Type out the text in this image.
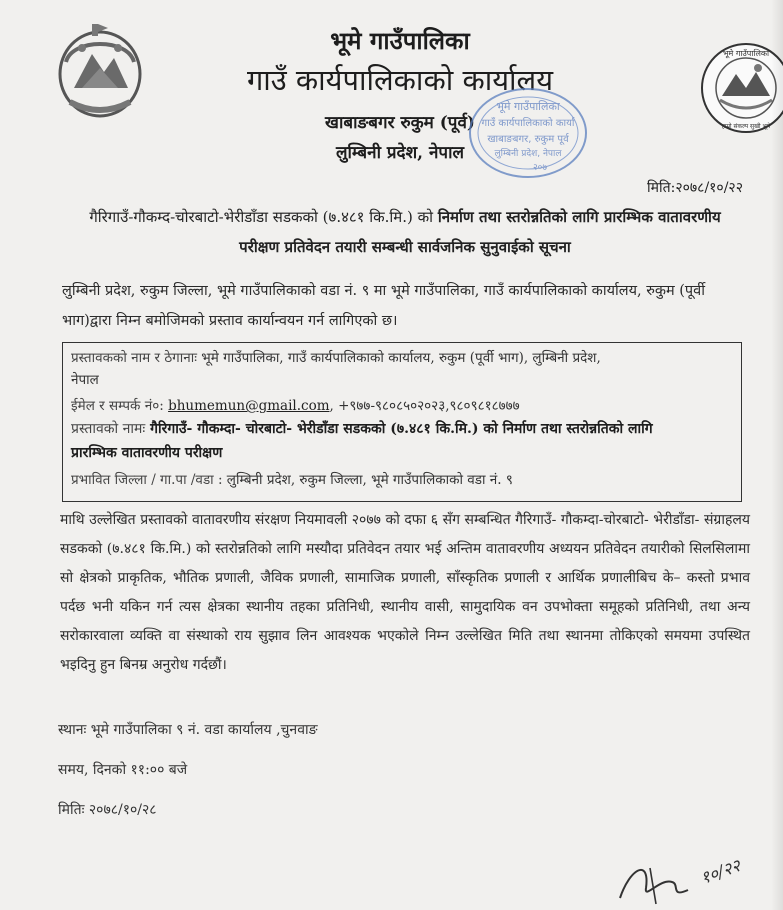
भूमे गाउँपालिका
गाउँ कार्यपालिकाको कार्यालय
खाबाङबगर रुकुम (पूर्व)
लुम्बिनी प्रदेश, नेपाल
भूमे गाउँपालिका
गाउँ कार्यपालिकाको कार्या
खाबाङबगर, रुकुम पूर्व
लुम्बिनी प्रदेश, नेपाल
२०७
भूमे गाउँपालिका
हाम्रो संकल्प सुखी भूमे
मिति:२०७८/१०/२२
गैरिगाउँ-गौकम्द-चोरबाटो-भेरीडाँडा सडकको (७.४८१ कि.मि.) को निर्माण तथा स्तरोन्नतिको लागि प्रारम्भिक वातावरणीय
परीक्षण प्रतिवेदन तयारी सम्बन्धी सार्वजनिक सुनुवाईको सूचना
लुम्बिनी प्रदेश, रुकुम जिल्ला, भूमे गाउँपालिकाको वडा नं. ९ मा भूमे गाउँपालिका, गाउँ कार्यपालिकाको कार्यालय, रुकुम (पूर्वी भाग)द्वारा निम्न बमोजिमको प्रस्ताव कार्यान्वयन गर्न लागिएको छ।
प्रस्तावकको नाम र ठेगानाः भूमे गाउँपालिका, गाउँ कार्यपालिकाको कार्यालय, रुकुम (पूर्वी भाग), लुम्बिनी प्रदेश,
नेपाल
ईमेल र सम्पर्क नं०: bhumemun@gmail.com, +९७७-९८०८५०२०२३,९८०९८१८७७७
प्रस्तावको नामः गैरिगाउँ- गौकम्दा- चोरबाटो- भेरीडाँडा सडकको (७.४८१ कि.मि.) को निर्माण तथा स्तरोन्नतिको लागि
प्रारम्भिक वातावरणीय परीक्षण
प्रभावित जिल्ला / गा.पा /वडा : लुम्बिनी प्रदेश, रुकुम जिल्ला, भूमे गाउँपालिकाको वडा नं. ९
माथि उल्लेखित प्रस्तावको वातावरणीय संरक्षण नियमावली २०७७ को दफा ६ सँग सम्बन्धित गैरिगाउँ- गौकम्दा-चोरबाटो- भेरीडाँडा- संग्राहलय सडकको (७.४८१ कि.मि.) को स्तरोन्नतिको लागि मस्यौदा प्रतिवेदन तयार भई अन्तिम वातावरणीय अध्ययन प्रतिवेदन तयारीको सिलसिलामा सो क्षेत्रको प्राकृतिक, भौतिक प्रणाली, जैविक प्रणाली, सामाजिक प्रणाली, साँस्कृतिक प्रणाली र आर्थिक प्रणालीबिच के– कस्तो प्रभाव पर्दछ भनी यकिन गर्न त्यस क्षेत्रका स्थानीय तहका प्रतिनिधी, स्थानीय वासी, सामुदायिक वन उपभोक्ता समूहको प्रतिनिधी, तथा अन्य सरोकारवाला व्यक्ति वा संस्थाको राय सुझाव लिन आवश्यक भएकोले निम्न उल्लेखित मिति तथा स्थानमा तोकिएको समयमा उपस्थित भइदिनु हुन बिनम्र अनुरोध गर्दछौं।
स्थानः भूमे गाउँपालिका ९ नं. वडा कार्यालय ,चुनवाङ
समय, दिनको ११:०० बजे
मितिः २०७८/१०/२८
१०/२२
